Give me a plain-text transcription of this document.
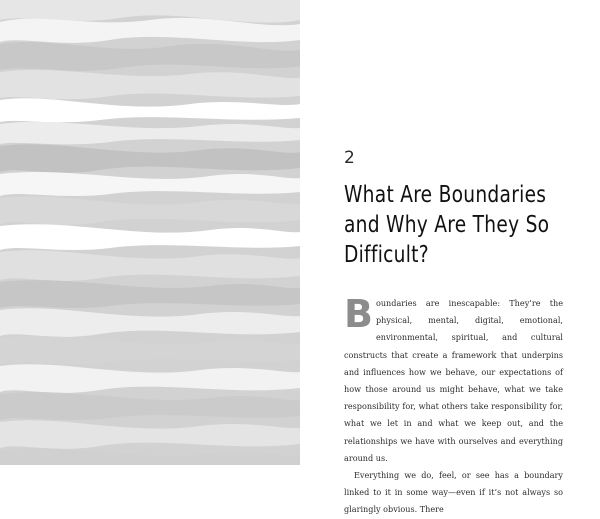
2
What Are Boundaries and Why Are They So Difficult?

Boundaries are inescapable: They’re the physical, mental, digital, emotional, environmental, spiritual, and cultural constructs that create a framework that underpins and influences how we behave, our expectations of how those around us might behave, what we take responsibility for, what others take responsibility for, what we let in and what we keep out, and the relationships we have with ourselves and everything around us.

Everything we do, feel, or see has a boundary linked to it in some way—even if it’s not always so glaringly obvious. There
